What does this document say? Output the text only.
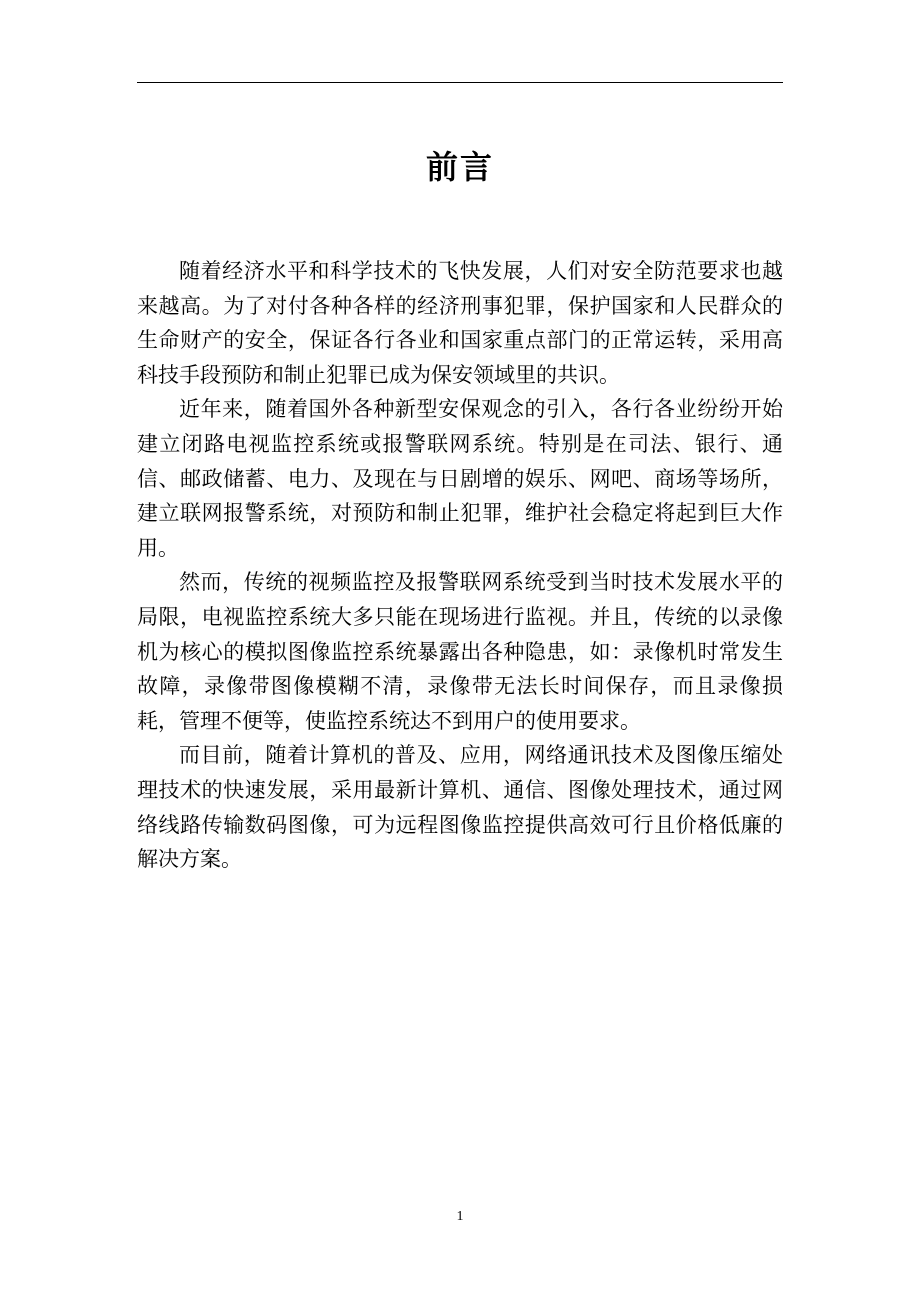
前言

随着经济水平和科学技术的飞快发展，人们对安全防范要求也越来越高。为了对付各种各样的经济刑事犯罪，保护国家和人民群众的生命财产的安全，保证各行各业和国家重点部门的正常运转，采用高科技手段预防和制止犯罪已成为保安领域里的共识。

近年来，随着国外各种新型安保观念的引入，各行各业纷纷开始建立闭路电视监控系统或报警联网系统。特别是在司法、银行、通信、邮政储蓄、电力、及现在与日剧增的娱乐、网吧、商场等场所，建立联网报警系统，对预防和制止犯罪，维护社会稳定将起到巨大作用。

然而，传统的视频监控及报警联网系统受到当时技术发展水平的局限，电视监控系统大多只能在现场进行监视。并且，传统的以录像机为核心的模拟图像监控系统暴露出各种隐患，如：录像机时常发生故障，录像带图像模糊不清，录像带无法长时间保存，而且录像损耗，管理不便等，使监控系统达不到用户的使用要求。

而目前，随着计算机的普及、应用，网络通讯技术及图像压缩处理技术的快速发展，采用最新计算机、通信、图像处理技术，通过网络线路传输数码图像，可为远程图像监控提供高效可行且价格低廉的解决方案。

1
